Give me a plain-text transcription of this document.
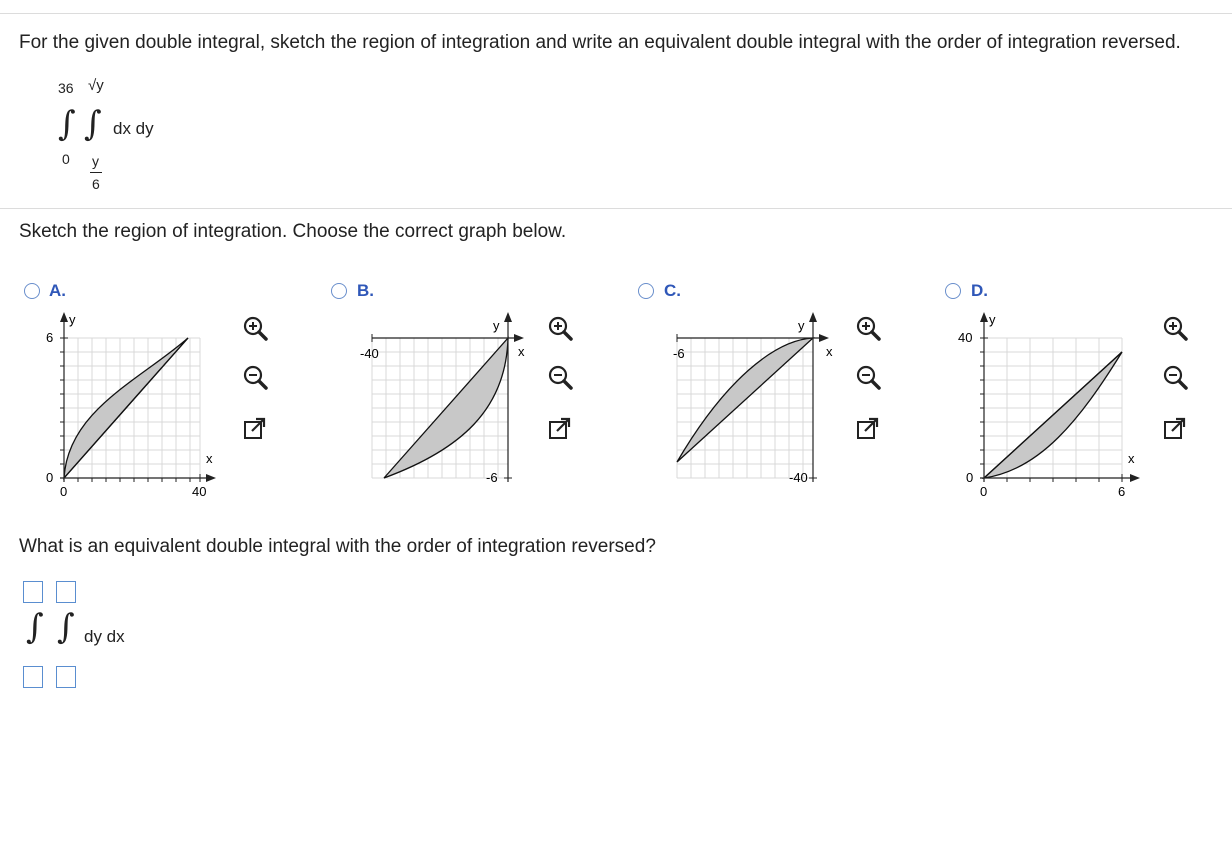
For the given double integral, sketch the region of integration and write an equivalent double integral with the order of integration reversed.
36 √y
∫ ∫ dx dy
0 y
6
Sketch the region of integration. Choose the correct graph below.
A.
y
x
6
0
0	40
B.
y
x
-40
-6
C.
y
x
-6
-40
D.
y
x
40
0
0	6
What is an equivalent double integral with the order of integration reversed?
∫ ∫ dy dx
